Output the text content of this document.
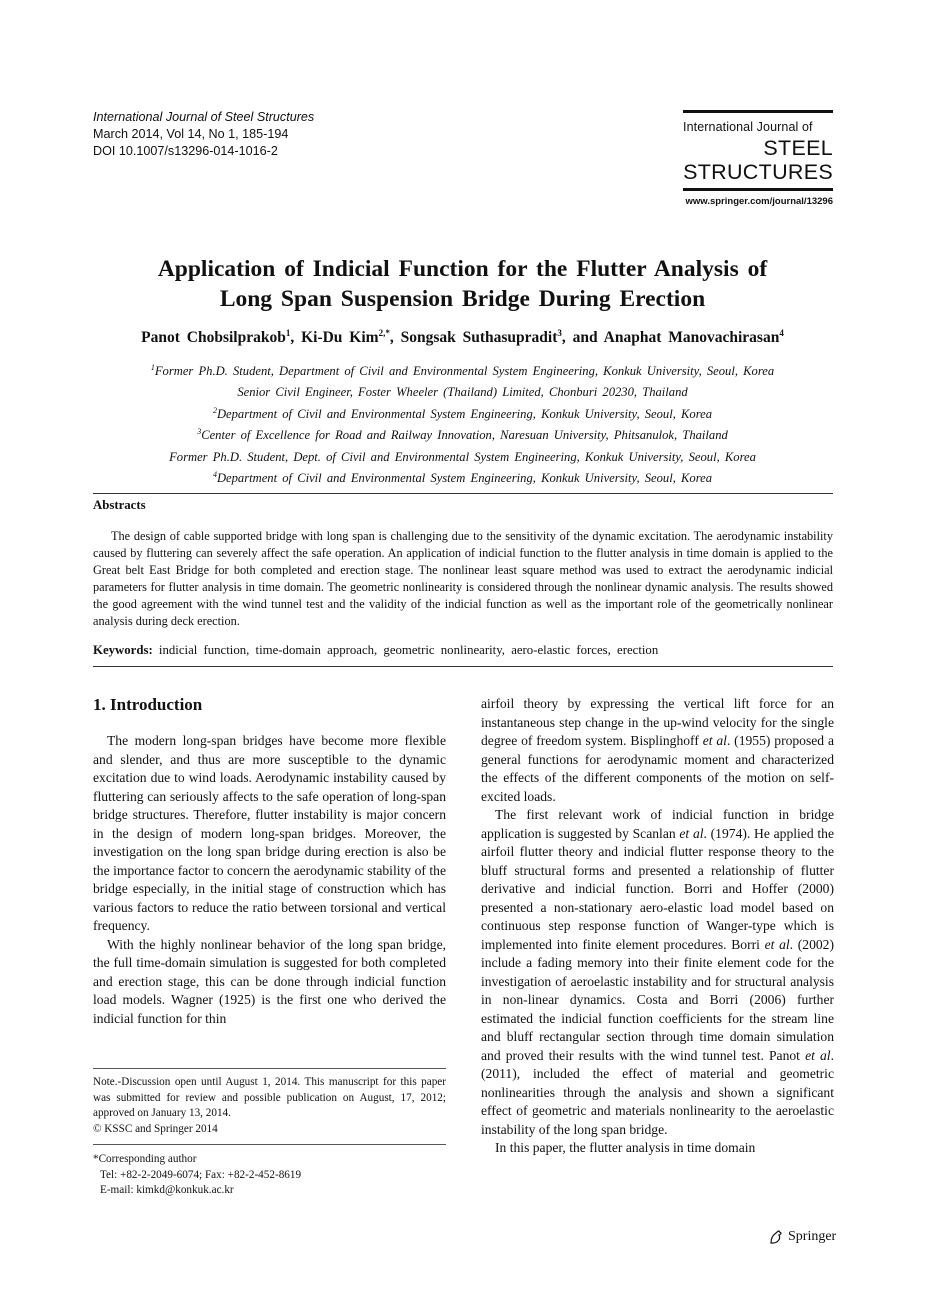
International Journal of Steel Structures
March 2014, Vol 14, No 1, 185-194
DOI 10.1007/s13296-014-1016-2
International Journal of
STEEL
STRUCTURES
www.springer.com/journal/13296
Application of Indicial Function for the Flutter Analysis of
Long Span Suspension Bridge During Erection
Panot Chobsilprakob$^1$, Ki-Du Kim$^{2,*}$, Songsak Suthasupradit$^3$, and Anaphat Manovachirasan$^4$
$^1$Former Ph.D. Student, Department of Civil and Environmental System Engineering, Konkuk University, Seoul, Korea
Senior Civil Engineer, Foster Wheeler (Thailand) Limited, Chonburi 20230, Thailand
$^2$Department of Civil and Environmental System Engineering, Konkuk University, Seoul, Korea
$^3$Center of Excellence for Road and Railway Innovation, Naresuan University, Phitsanulok, Thailand
Former Ph.D. Student, Dept. of Civil and Environmental System Engineering, Konkuk University, Seoul, Korea
$^4$Department of Civil and Environmental System Engineering, Konkuk University, Seoul, Korea
Abstracts
The design of cable supported bridge with long span is challenging due to the sensitivity of the dynamic excitation. The aerodynamic instability caused by fluttering can severely affect the safe operation. An application of indicial function to the flutter analysis in time domain is applied to the Great belt East Bridge for both completed and erection stage. The nonlinear least square method was used to extract the aerodynamic indicial parameters for flutter analysis in time domain. The geometric nonlinearity is considered through the nonlinear dynamic analysis. The results showed the good agreement with the wind tunnel test and the validity of the indicial function as well as the important role of the geometrically nonlinear analysis during deck erection.
Keywords: indicial function, time-domain approach, geometric nonlinearity, aero-elastic forces, erection
1. Introduction

The modern long-span bridges have become more flexible and slender, and thus are more susceptible to the dynamic excitation due to wind loads. Aerodynamic instability caused by fluttering can seriously affects to the safe operation of long-span bridge structures. Therefore, flutter instability is major concern in the design of modern long-span bridges. Moreover, the investigation on the long span bridge during erection is also be the importance factor to concern the aerodynamic stability of the bridge especially, in the initial stage of construction which has various factors to reduce the ratio between torsional and vertical frequency.

With the highly nonlinear behavior of the long span bridge, the full time-domain simulation is suggested for both completed and erection stage, this can be done through indicial function load models. Wagner (1925) is the first one who derived the indicial function for thin

Note.-Discussion open until August 1, 2014. This manuscript for this paper was submitted for review and possible publication on August, 17, 2012; approved on January 13, 2014.
© KSSC and Springer 2014
*Corresponding author
Tel: +82-2-2049-6074; Fax: +82-2-452-8619
E-mail: kimkd@konkuk.ac.kr

airfoil theory by expressing the vertical lift force for an instantaneous step change in the up-wind velocity for the single degree of freedom system. Bisplinghoff et al. (1955) proposed a general functions for aerodynamic moment and characterized the effects of the different components of the motion on self-excited loads.

The first relevant work of indicial function in bridge application is suggested by Scanlan et al. (1974). He applied the airfoil flutter theory and indicial flutter response theory to the bluff structural forms and presented a relationship of flutter derivative and indicial function. Borri and Hoffer (2000) presented a non-stationary aero-elastic load model based on continuous step response function of Wanger-type which is implemented into finite element procedures. Borri et al. (2002) include a fading memory into their finite element code for the investigation of aeroelastic instability and for structural analysis in non-linear dynamics. Costa and Borri (2006) further estimated the indicial function coefficients for the stream line and bluff rectangular section through time domain simulation and proved their results with the wind tunnel test. Panot et al. (2011), included the effect of material and geometric nonlinearities through the analysis and shown a significant effect of geometric and materials nonlinearity to the aeroelastic instability of the long span bridge.

In this paper, the flutter analysis in time domain

Springer
